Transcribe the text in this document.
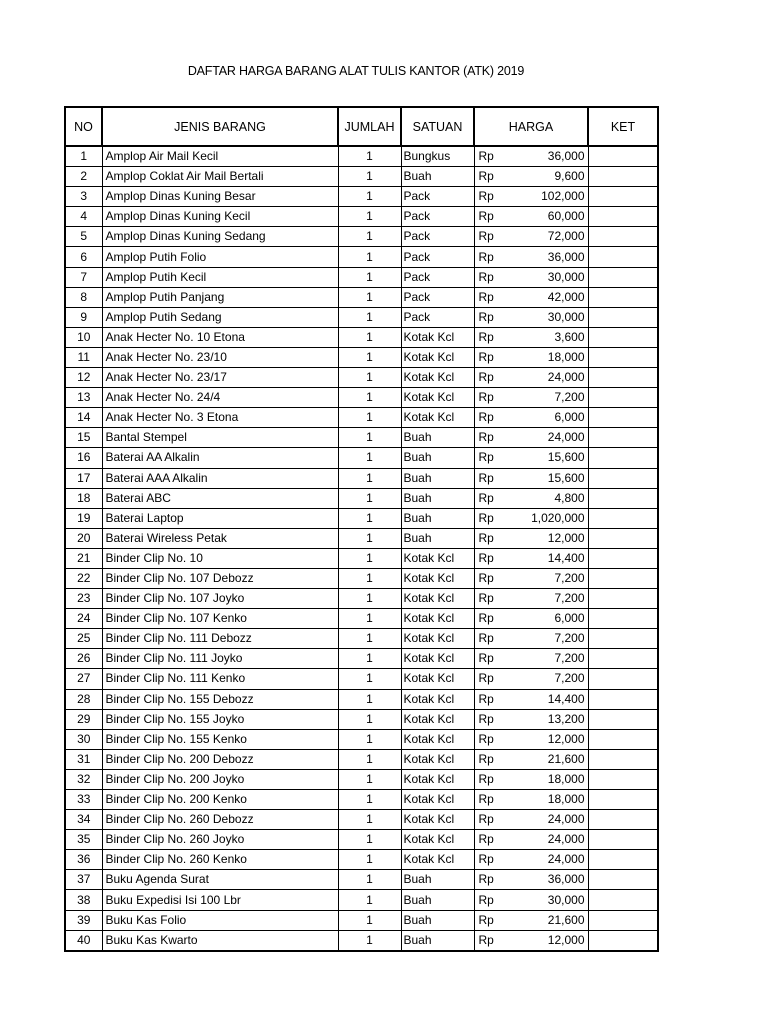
DAFTAR HARGA BARANG ALAT TULIS KANTOR (ATK) 2019
NO	JENIS BARANG	JUMLAH	SATUAN	HARGA		KET
1	Amplop Air Mail Kecil	1	Bungkus	Rp	36,000	
2	Amplop Coklat Air Mail Bertali	1	Buah	Rp	9,600	
3	Amplop Dinas Kuning Besar	1	Pack	Rp	102,000	
4	Amplop Dinas Kuning Kecil	1	Pack	Rp	60,000	
5	Amplop Dinas Kuning Sedang	1	Pack	Rp	72,000	
6	Amplop Putih Folio	1	Pack	Rp	36,000	
7	Amplop Putih Kecil	1	Pack	Rp	30,000	
8	Amplop Putih Panjang	1	Pack	Rp	42,000	
9	Amplop Putih Sedang	1	Pack	Rp	30,000	
10	Anak Hecter No. 10 Etona	1	Kotak Kcl	Rp	3,600	
11	Anak Hecter No. 23/10	1	Kotak Kcl	Rp	18,000	
12	Anak Hecter No. 23/17	1	Kotak Kcl	Rp	24,000	
13	Anak Hecter No. 24/4	1	Kotak Kcl	Rp	7,200	
14	Anak Hecter No. 3 Etona	1	Kotak Kcl	Rp	6,000	
15	Bantal Stempel	1	Buah	Rp	24,000	
16	Baterai AA Alkalin	1	Buah	Rp	15,600	
17	Baterai AAA Alkalin	1	Buah	Rp	15,600	
18	Baterai ABC	1	Buah	Rp	4,800	
19	Baterai Laptop	1	Buah	Rp	1,020,000	
20	Baterai Wireless Petak	1	Buah	Rp	12,000	
21	Binder Clip No. 10	1	Kotak Kcl	Rp	14,400	
22	Binder Clip No. 107 Debozz	1	Kotak Kcl	Rp	7,200	
23	Binder Clip No. 107 Joyko	1	Kotak Kcl	Rp	7,200	
24	Binder Clip No. 107 Kenko	1	Kotak Kcl	Rp	6,000	
25	Binder Clip No. 111 Debozz	1	Kotak Kcl	Rp	7,200	
26	Binder Clip No. 111 Joyko	1	Kotak Kcl	Rp	7,200	
27	Binder Clip No. 111 Kenko	1	Kotak Kcl	Rp	7,200	
28	Binder Clip No. 155 Debozz	1	Kotak Kcl	Rp	14,400	
29	Binder Clip No. 155 Joyko	1	Kotak Kcl	Rp	13,200	
30	Binder Clip No. 155 Kenko	1	Kotak Kcl	Rp	12,000	
31	Binder Clip No. 200 Debozz	1	Kotak Kcl	Rp	21,600	
32	Binder Clip No. 200 Joyko	1	Kotak Kcl	Rp	18,000	
33	Binder Clip No. 200 Kenko	1	Kotak Kcl	Rp	18,000	
34	Binder Clip No. 260 Debozz	1	Kotak Kcl	Rp	24,000	
35	Binder Clip No. 260 Joyko	1	Kotak Kcl	Rp	24,000	
36	Binder Clip No. 260 Kenko	1	Kotak Kcl	Rp	24,000	
37	Buku Agenda Surat	1	Buah	Rp	36,000	
38	Buku Expedisi Isi 100 Lbr	1	Buah	Rp	30,000	
39	Buku Kas Folio	1	Buah	Rp	21,600	
40	Buku Kas Kwarto	1	Buah	Rp	12,000	
